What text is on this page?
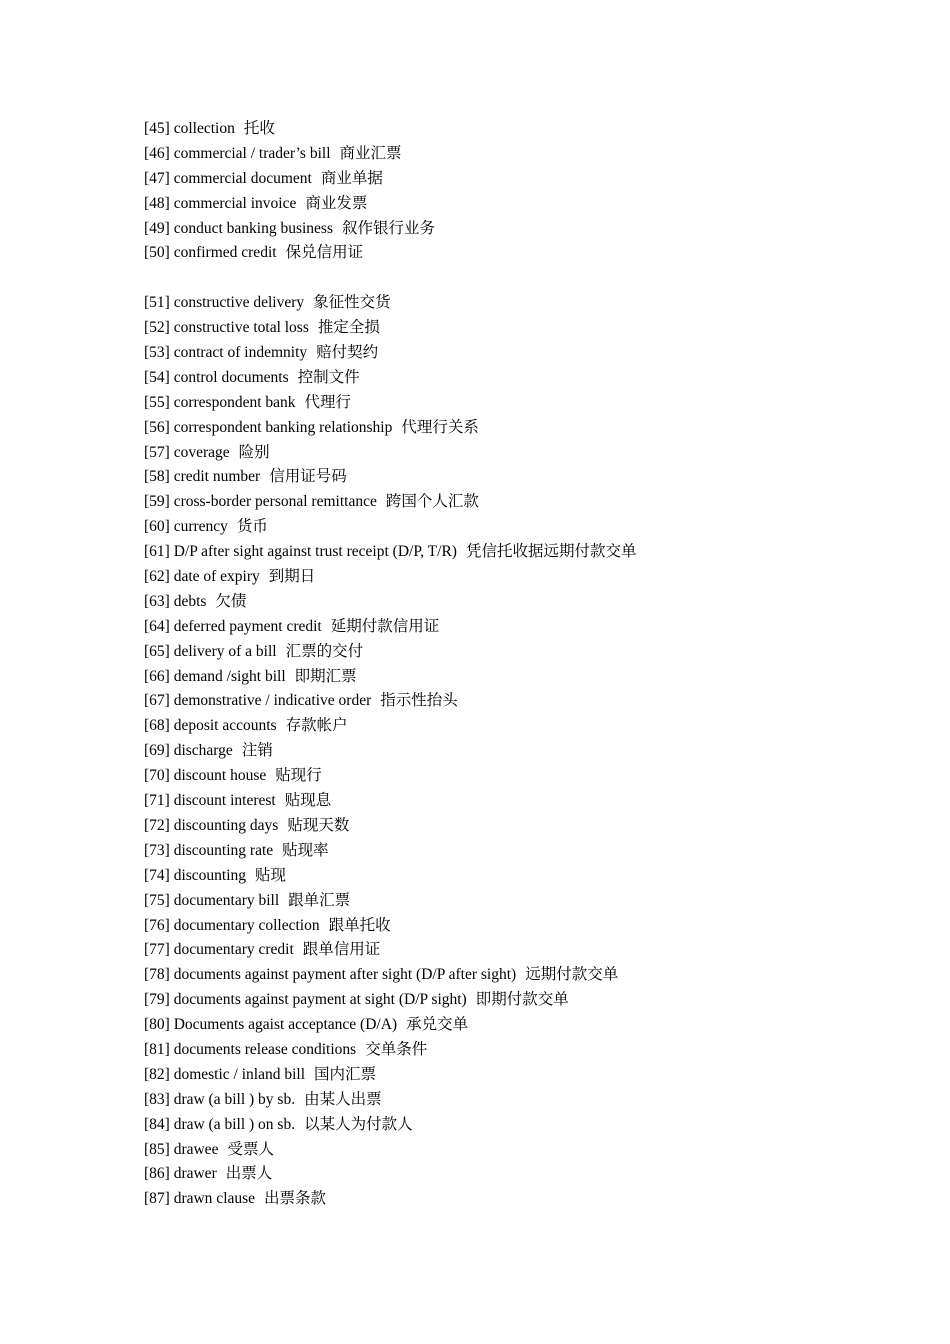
[45] collection 托收
[46] commercial / trader’s bill 商业汇票
[47] commercial document 商业单据
[48] commercial invoice 商业发票
[49] conduct banking business 叙作银行业务
[50] confirmed credit 保兑信用证
[51] constructive delivery 象征性交货
[52] constructive total loss 推定全损
[53] contract of indemnity 赔付契约
[54] control documents 控制文件
[55] correspondent bank 代理行
[56] correspondent banking relationship 代理行关系
[57] coverage 险别
[58] credit number 信用证号码
[59] cross-border personal remittance 跨国个人汇款
[60] currency 货币
[61] D/P after sight against trust receipt (D/P, T/R) 凭信托收据远期付款交单
[62] date of expiry 到期日
[63] debts 欠债
[64] deferred payment credit 延期付款信用证
[65] delivery of a bill 汇票的交付
[66] demand /sight bill 即期汇票
[67] demonstrative / indicative order 指示性抬头
[68] deposit accounts 存款帐户
[69] discharge 注销
[70] discount house 贴现行
[71] discount interest 贴现息
[72] discounting days 贴现天数
[73] discounting rate 贴现率
[74] discounting 贴现
[75] documentary bill 跟单汇票
[76] documentary collection 跟单托收
[77] documentary credit 跟单信用证
[78] documents against payment after sight (D/P after sight) 远期付款交单
[79] documents against payment at sight (D/P sight) 即期付款交单
[80] Documents agaist acceptance (D/A) 承兑交单
[81] documents release conditions 交单条件
[82] domestic / inland bill 国内汇票
[83] draw (a bill ) by sb. 由某人出票
[84] draw (a bill ) on sb. 以某人为付款人
[85] drawee 受票人
[86] drawer 出票人
[87] drawn clause 出票条款
